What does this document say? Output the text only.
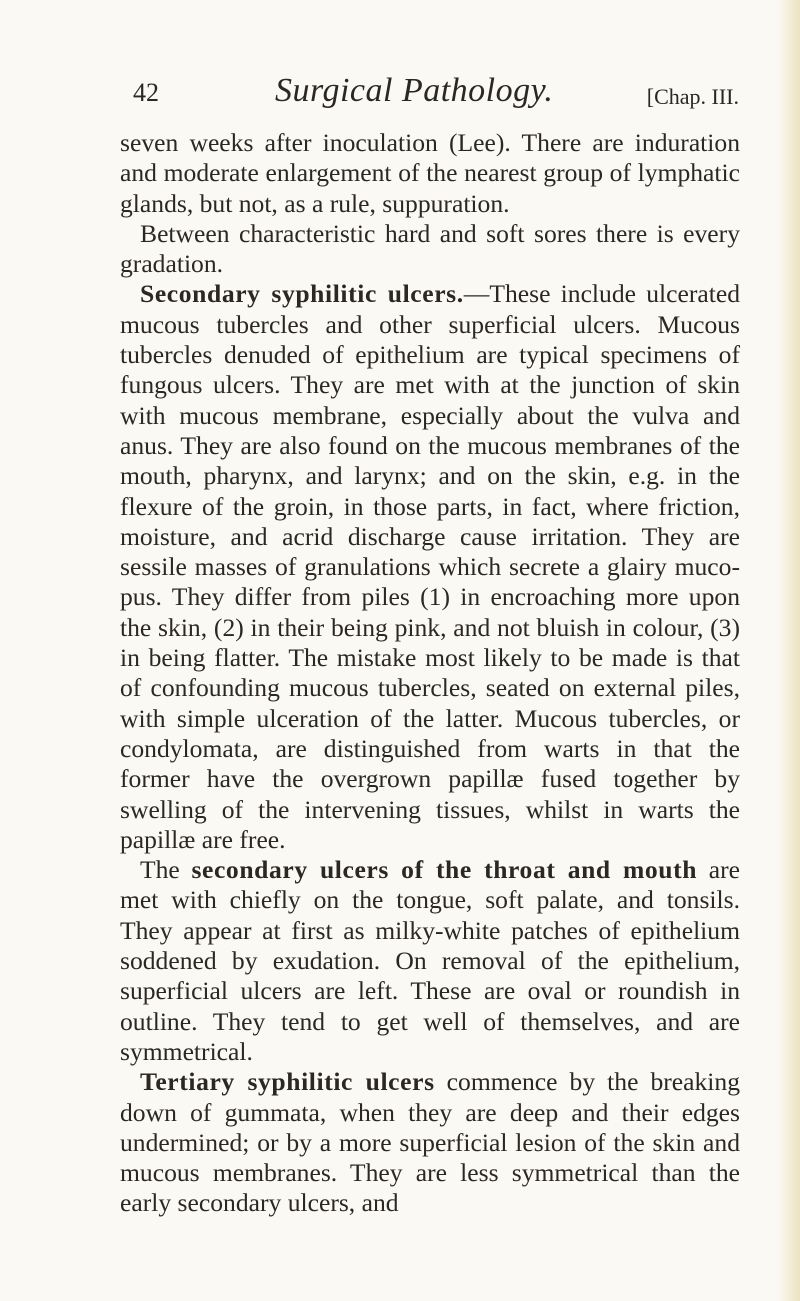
42	Surgical Pathology.	[Chap. III.

seven weeks after inoculation (Lee). There are induration and moderate enlargement of the nearest group of lymphatic glands, but not, as a rule, suppuration.

Between characteristic hard and soft sores there is every gradation.

Secondary syphilitic ulcers.—These include ulcerated mucous tubercles and other superficial ulcers. Mucous tubercles denuded of epithelium are typical specimens of fungous ulcers. They are met with at the junction of skin with mucous membrane, especially about the vulva and anus. They are also found on the mucous membranes of the mouth, pharynx, and larynx; and on the skin, e.g. in the flexure of the groin, in those parts, in fact, where friction, moisture, and acrid discharge cause irritation. They are sessile masses of granulations which secrete a glairy muco-pus. They differ from piles (1) in encroaching more upon the skin, (2) in their being pink, and not bluish in colour, (3) in being flatter. The mistake most likely to be made is that of confounding mucous tubercles, seated on external piles, with simple ulceration of the latter. Mucous tubercles, or condylomata, are distinguished from warts in that the former have the overgrown papillæ fused together by swelling of the intervening tissues, whilst in warts the papillæ are free.

The secondary ulcers of the throat and mouth are met with chiefly on the tongue, soft palate, and tonsils. They appear at first as milky-white patches of epithelium soddened by exudation. On removal of the epithelium, superficial ulcers are left. These are oval or roundish in outline. They tend to get well of themselves, and are symmetrical.

Tertiary syphilitic ulcers commence by the breaking down of gummata, when they are deep and their edges undermined; or by a more superficial lesion of the skin and mucous membranes. They are less symmetrical than the early secondary ulcers, and
